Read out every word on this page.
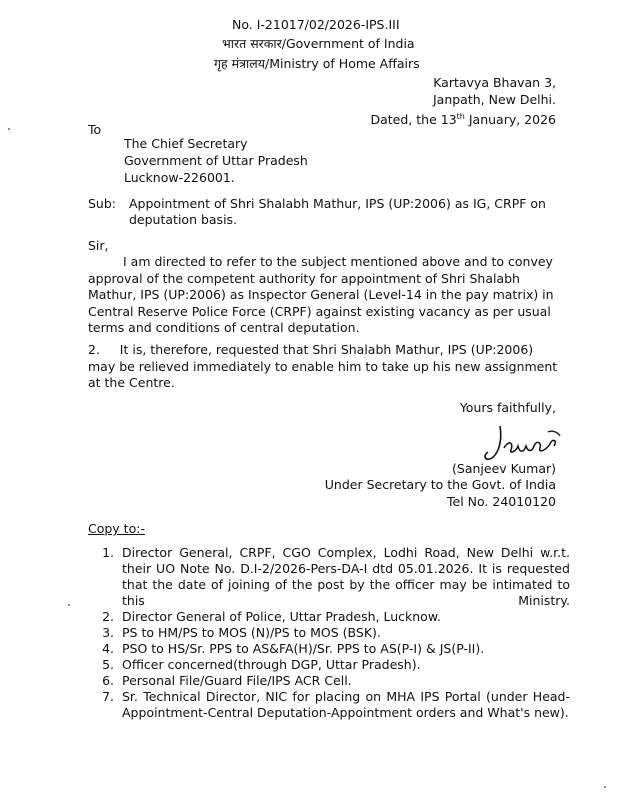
No. I-21017/02/2026-IPS.III
भारत सरकार/Government of India
गृह मंत्रालय/Ministry of Home Affairs
Kartavya Bhavan 3,
Janpath, New Delhi.
Dated, the 13th January, 2026
To
The Chief Secretary
Government of Uttar Pradesh
Lucknow-226001.
Sub: Appointment of Shri Shalabh Mathur, IPS (UP:2006) as IG, CRPF on
deputation basis.
Sir,
I am directed to refer to the subject mentioned above and to convey
approval of the competent authority for appointment of Shri Shalabh
Mathur, IPS (UP:2006) as Inspector General (Level-14 in the pay matrix) in
Central Reserve Police Force (CRPF) against existing vacancy as per usual
terms and conditions of central deputation.
2.     It is, therefore, requested that Shri Shalabh Mathur, IPS (UP:2006)
may be relieved immediately to enable him to take up his new assignment
at the Centre.
Yours faithfully,
(Sanjeev Kumar)
Under Secretary to the Govt. of India
Tel No. 24010120
Copy to:-
1. Director General, CRPF, CGO Complex, Lodhi Road, New Delhi w.r.t. their UO Note No. D.I-2/2026-Pers-DA-I dtd 05.01.2026. It is requested that the date of joining of the post by the officer may be intimated to this Ministry.
2. Director General of Police, Uttar Pradesh, Lucknow.
3. PS to HM/PS to MOS (N)/PS to MOS (BSK).
4. PSO to HS/Sr. PPS to AS&FA(H)/Sr. PPS to AS(P-I) & JS(P-II).
5. Officer concerned(through DGP, Uttar Pradesh).
6. Personal File/Guard File/IPS ACR Cell.
7. Sr. Technical Director, NIC for placing on MHA IPS Portal (under Head-Appointment-Central Deputation-Appointment orders and What's new).
